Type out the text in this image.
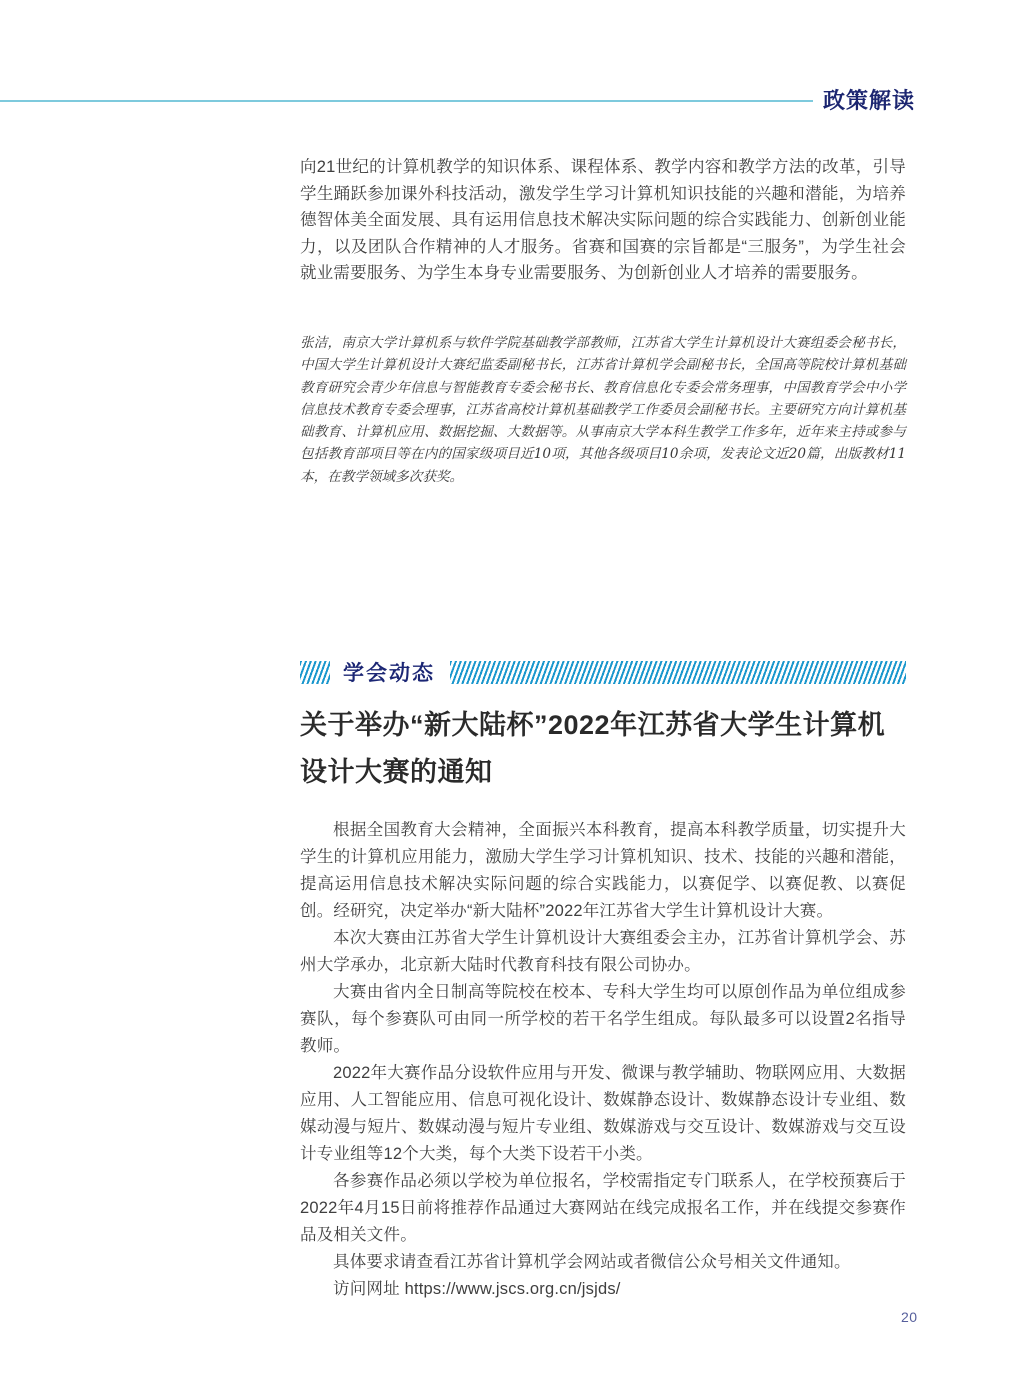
政策解读
向21世纪的计算机教学的知识体系、课程体系、教学内容和教学方法的改革，引导学生踊跃参加课外科技活动，激发学生学习计算机知识技能的兴趣和潜能，为培养德智体美全面发展、具有运用信息技术解决实际问题的综合实践能力、创新创业能力，以及团队合作精神的人才服务。省赛和国赛的宗旨都是“三服务”，为学生社会就业需要服务、为学生本身专业需要服务、为创新创业人才培养的需要服务。
张洁，南京大学计算机系与软件学院基础教学部教师，江苏省大学生计算机设计大赛组委会秘书长，中国大学生计算机设计大赛纪监委副秘书长，江苏省计算机学会副秘书长，全国高等院校计算机基础教育研究会青少年信息与智能教育专委会秘书长、教育信息化专委会常务理事，中国教育学会中小学信息技术教育专委会理事，江苏省高校计算机基础教学工作委员会副秘书长。主要研究方向计算机基础教育、计算机应用、数据挖掘、大数据等。从事南京大学本科生教学工作多年，近年来主持或参与包括教育部项目等在内的国家级项目近10项，其他各级项目10余项，发表论文近20篇，出版教材11本，在教学领域多次获奖。
学会动态
关于举办“新大陆杯”2022年江苏省大学生计算机
设计大赛的通知

根据全国教育大会精神，全面振兴本科教育，提高本科教学质量，切实提升大学生的计算机应用能力，激励大学生学习计算机知识、技术、技能的兴趣和潜能，提高运用信息技术解决实际问题的综合实践能力，以赛促学、以赛促教、以赛促创。经研究，决定举办“新大陆杯”2022年江苏省大学生计算机设计大赛。

本次大赛由江苏省大学生计算机设计大赛组委会主办，江苏省计算机学会、苏州大学承办，北京新大陆时代教育科技有限公司协办。

大赛由省内全日制高等院校在校本、专科大学生均可以原创作品为单位组成参赛队，每个参赛队可由同一所学校的若干名学生组成。每队最多可以设置2名指导教师。

2022年大赛作品分设软件应用与开发、微课与教学辅助、物联网应用、大数据应用、人工智能应用、信息可视化设计、数媒静态设计、数媒静态设计专业组、数媒动漫与短片、数媒动漫与短片专业组、数媒游戏与交互设计、数媒游戏与交互设计专业组等12个大类，每个大类下设若干小类。

各参赛作品必须以学校为单位报名，学校需指定专门联系人，在学校预赛后于2022年4月15日前将推荐作品通过大赛网站在线完成报名工作，并在线提交参赛作品及相关文件。

具体要求请查看江苏省计算机学会网站或者微信公众号相关文件通知。

访问网址 https://www.jscs.org.cn/jsjds/

20
